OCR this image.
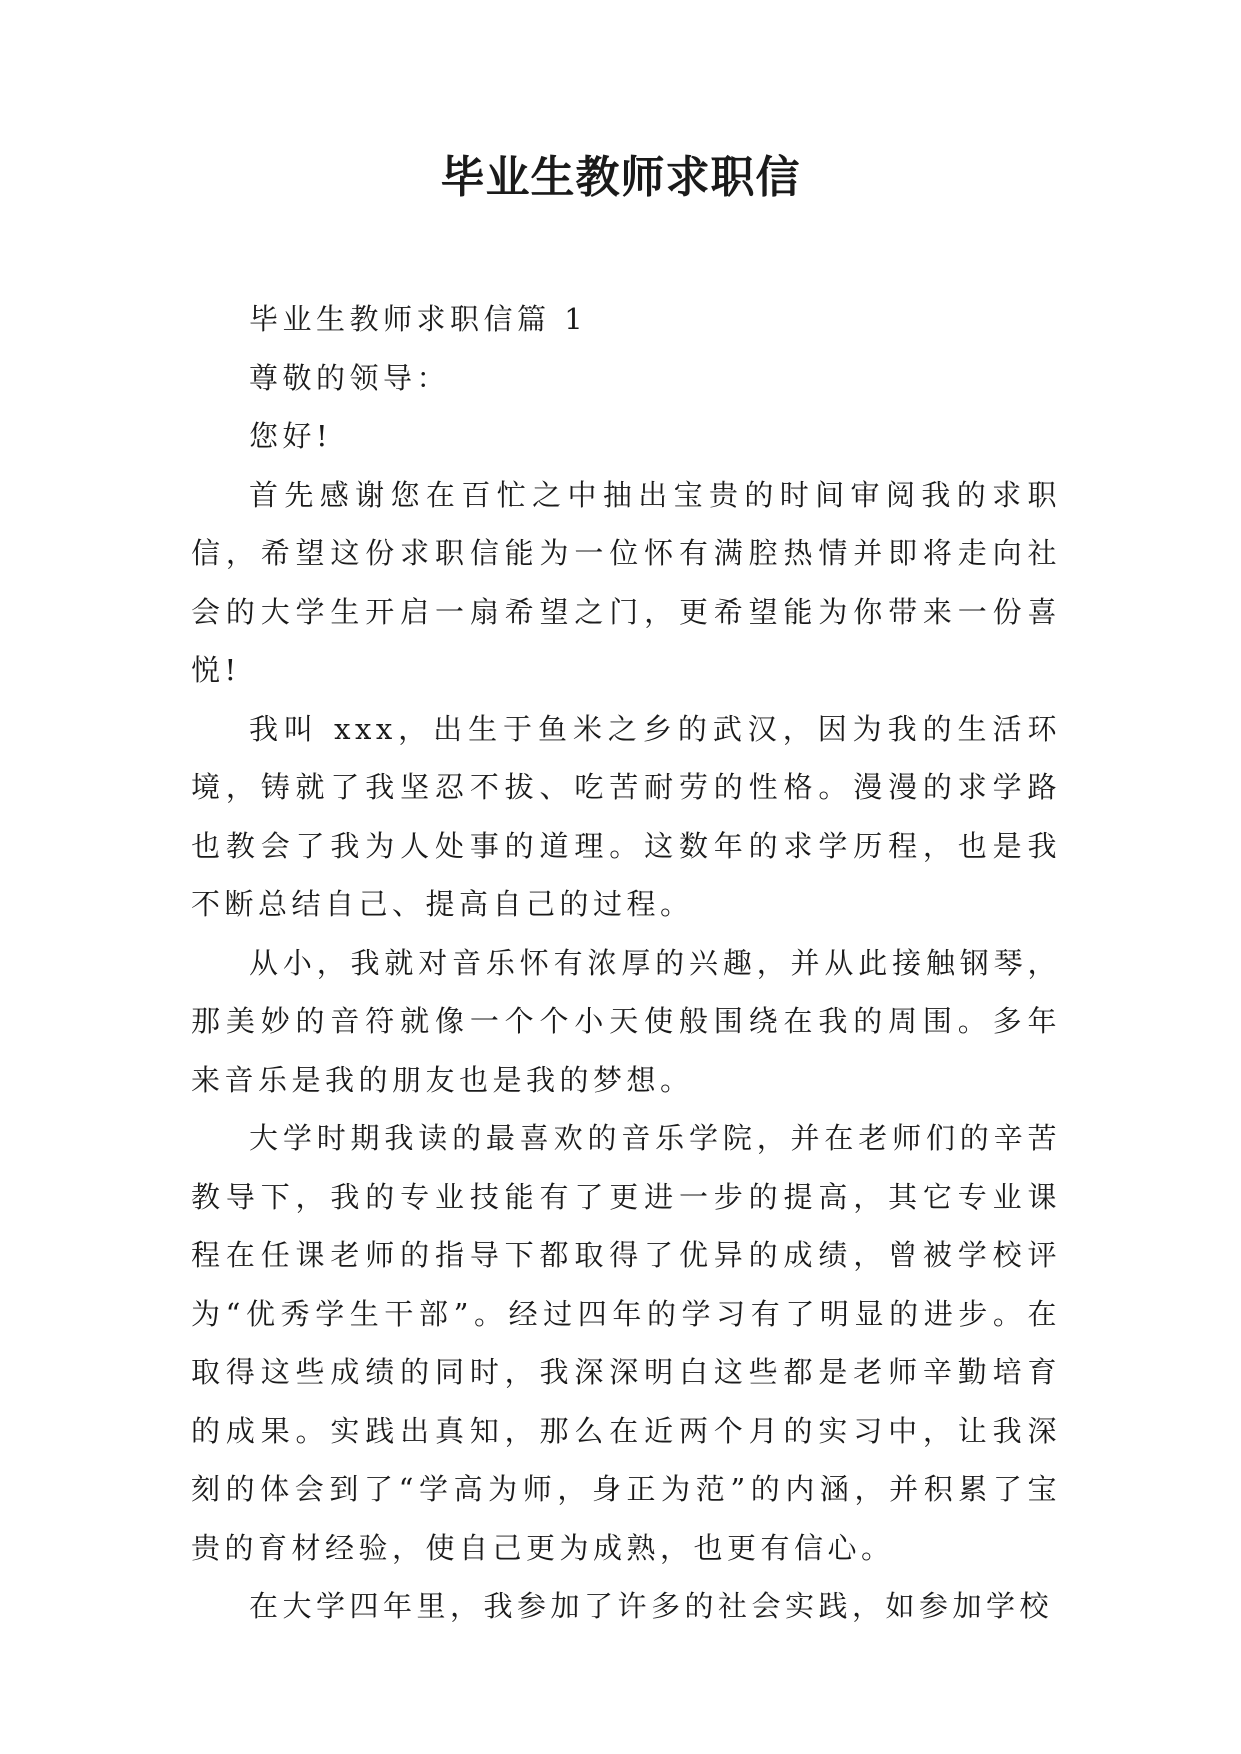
毕业生教师求职信

毕业生教师求职信篇 1

尊敬的领导：

您好!

首先感谢您在百忙之中抽出宝贵的时间审阅我的求职信，希望这份求职信能为一位怀有满腔热情并即将走向社会的大学生开启一扇希望之门，更希望能为你带来一份喜悦!

我叫 xxx，出生于鱼米之乡的武汉，因为我的生活环境，铸就了我坚忍不拔、吃苦耐劳的性格。漫漫的求学路也教会了我为人处事的道理。这数年的求学历程，也是我不断总结自己、提高自己的过程。

从小，我就对音乐怀有浓厚的兴趣，并从此接触钢琴，那美妙的音符就像一个个小天使般围绕在我的周围。多年来音乐是我的朋友也是我的梦想。

大学时期我读的最喜欢的音乐学院，并在老师们的辛苦教导下，我的专业技能有了更进一步的提高，其它专业课程在任课老师的指导下都取得了优异的成绩，曾被学校评为“优秀学生干部”。经过四年的学习有了明显的进步。在取得这些成绩的同时，我深深明白这些都是老师辛勤培育的成果。实践出真知，那么在近两个月的实习中，让我深刻的体会到了“学高为师，身正为范”的内涵，并积累了宝贵的育材经验，使自己更为成熟，也更有信心。

在大学四年里，我参加了许多的社会实践，如参加学校
